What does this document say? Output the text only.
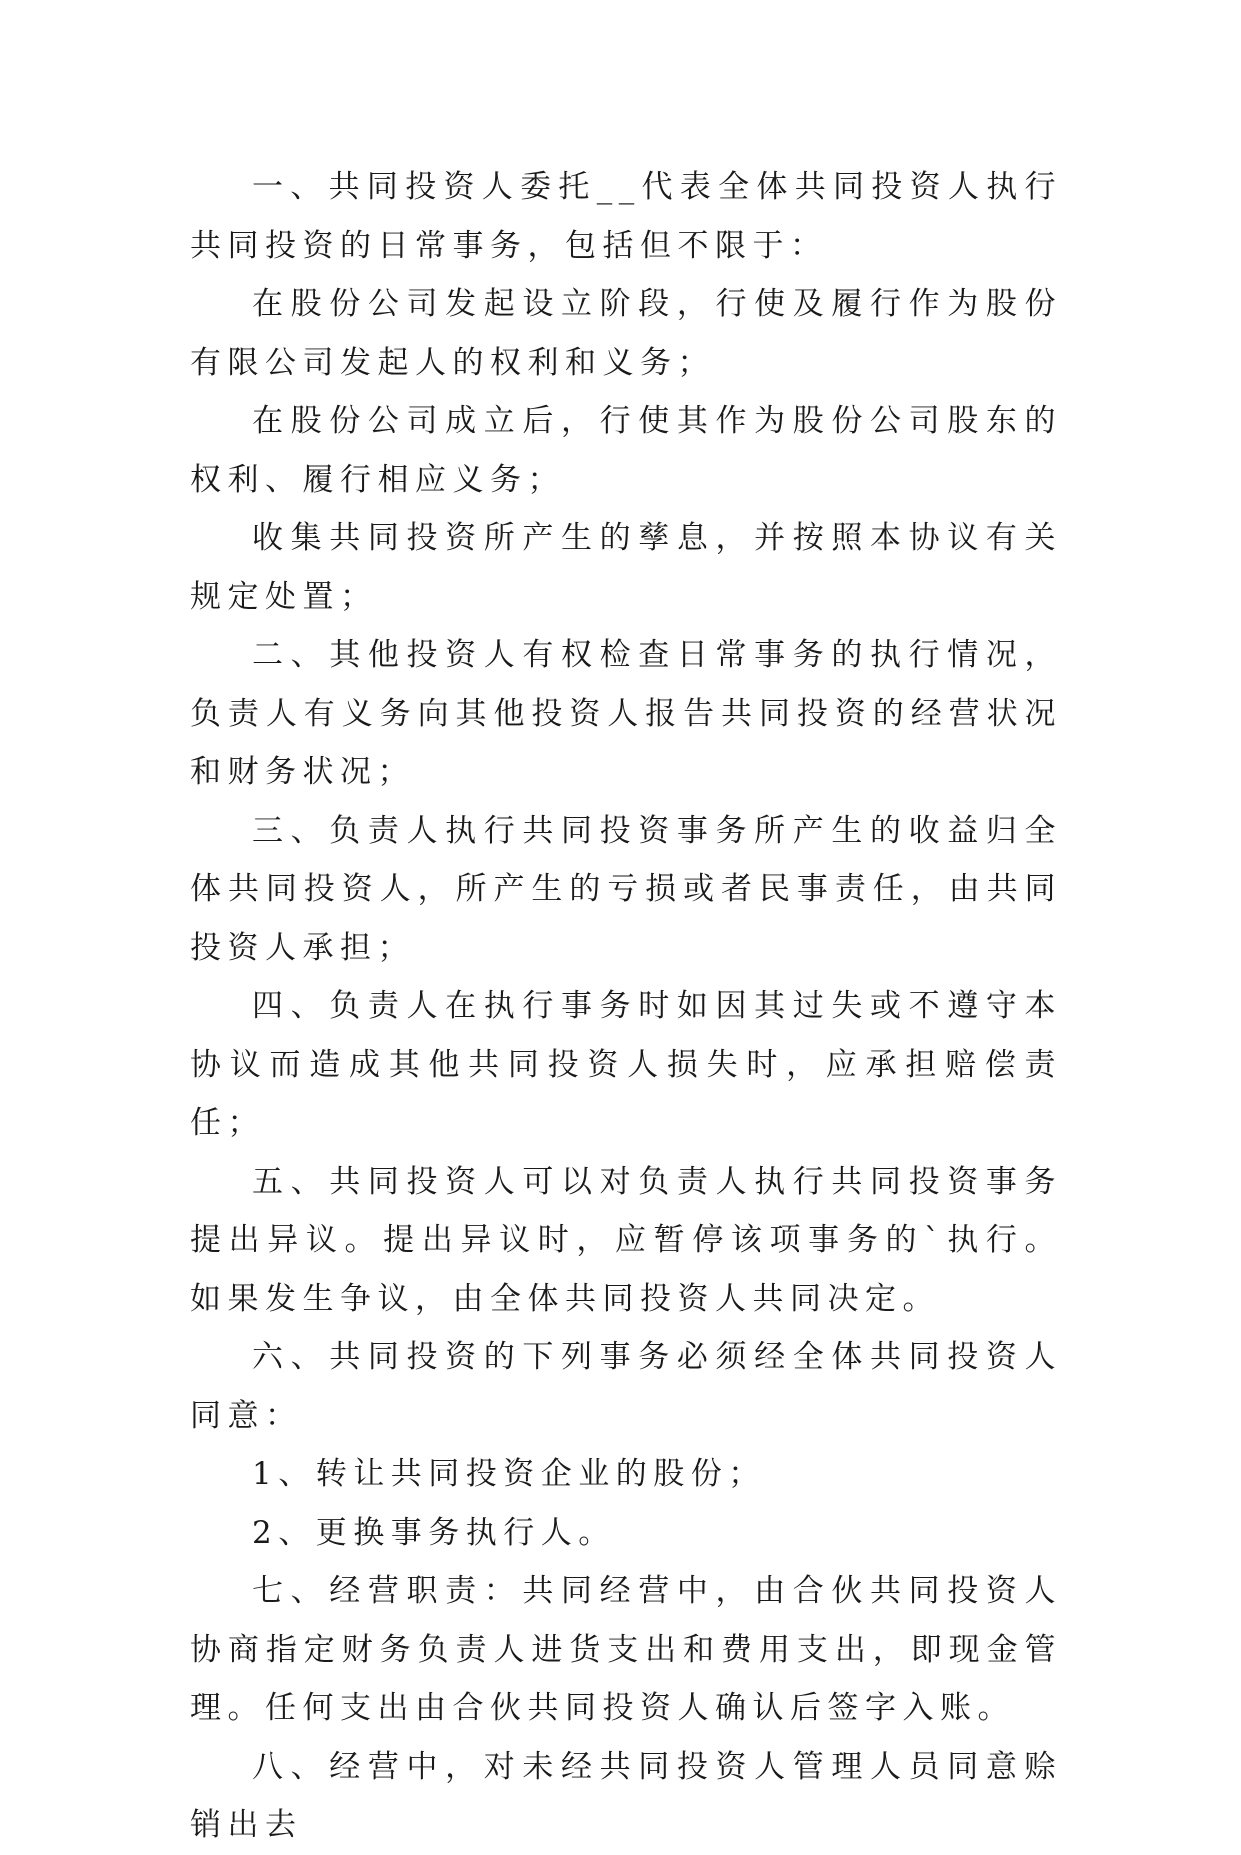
一、共同投资人委托__代表全体共同投资人执行共同投资的日常事务，包括但不限于：

在股份公司发起设立阶段，行使及履行作为股份有限公司发起人的权利和义务；

在股份公司成立后，行使其作为股份公司股东的权利、履行相应义务；

收集共同投资所产生的孳息，并按照本协议有关规定处置；

二、其他投资人有权检查日常事务的执行情况，负责人有义务向其他投资人报告共同投资的经营状况和财务状况；

三、负责人执行共同投资事务所产生的收益归全体共同投资人，所产生的亏损或者民事责任，由共同投资人承担；

四、负责人在执行事务时如因其过失或不遵守本协议而造成其他共同投资人损失时，应承担赔偿责任；

五、共同投资人可以对负责人执行共同投资事务提出异议。提出异议时，应暂停该项事务的`执行。如果发生争议，由全体共同投资人共同决定。

六、共同投资的下列事务必须经全体共同投资人同意：

1、转让共同投资企业的股份；

2、更换事务执行人。

七、经营职责：共同经营中，由合伙共同投资人协商指定财务负责人进货支出和费用支出，即现金管理。任何支出由合伙共同投资人确认后签字入账。

八、经营中，对未经共同投资人管理人员同意赊销出去
